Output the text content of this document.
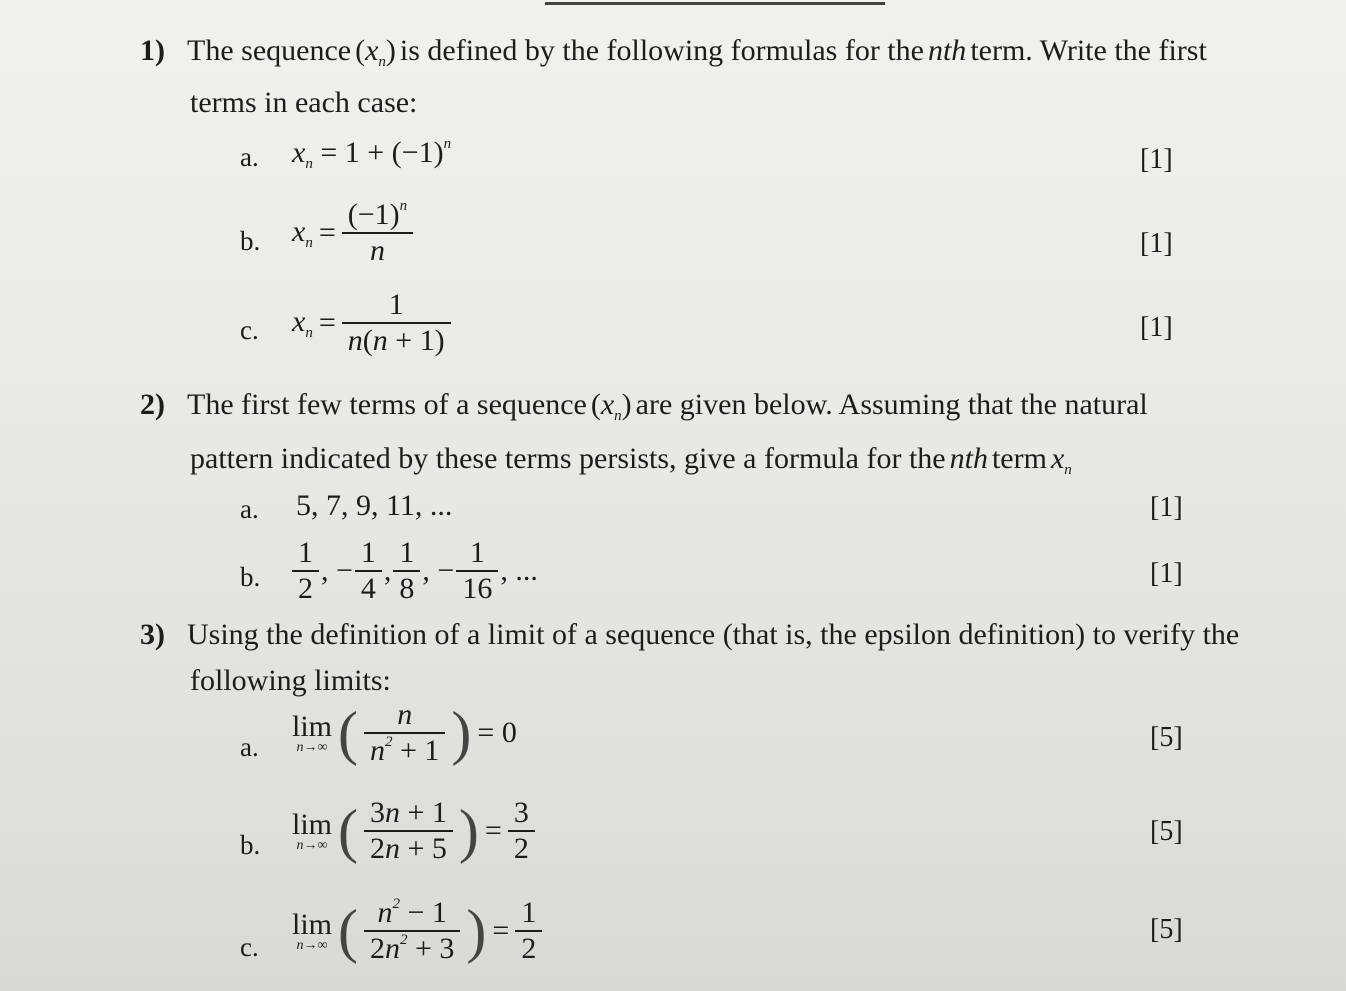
1) The sequence $(x_n)$ is defined by the following formulas for the nth term. Write the first
terms in each case:
a. $x_n = 1 + (-1)^n$	[1]
b. $x_n = \frac{(-1)^n}{n}$	[1]
c. $x_n = \frac{1}{n(n + 1)}$	[1]
2) The first few terms of a sequence $(x_n)$ are given below. Assuming that the natural
pattern indicated by these terms persists, give a formula for the nth term $x_n$
a. 5, 7, 9, 11, ...	[1]
b. $\frac{1}{2}$ , − $\frac{1}{4}$ , $\frac{1}{8}$ , − $\frac{1}{16}$ , ...	[1]
3) Using the definition of a limit of a sequence (that is, the epsilon definition) to verify the
following limits:
a.
lim
n→∞ ( $\frac{n}{n^2 + 1}$ ) = 0	[5]
b.
lim
n→∞ ( $\frac{3n + 1}{2n + 5}$ ) = $\frac{3}{2}$	[5]
c.
lim
n→∞ ( $\frac{n^2 - 1}{2n^2 + 3}$ ) = $\frac{1}{2}$	[5]
